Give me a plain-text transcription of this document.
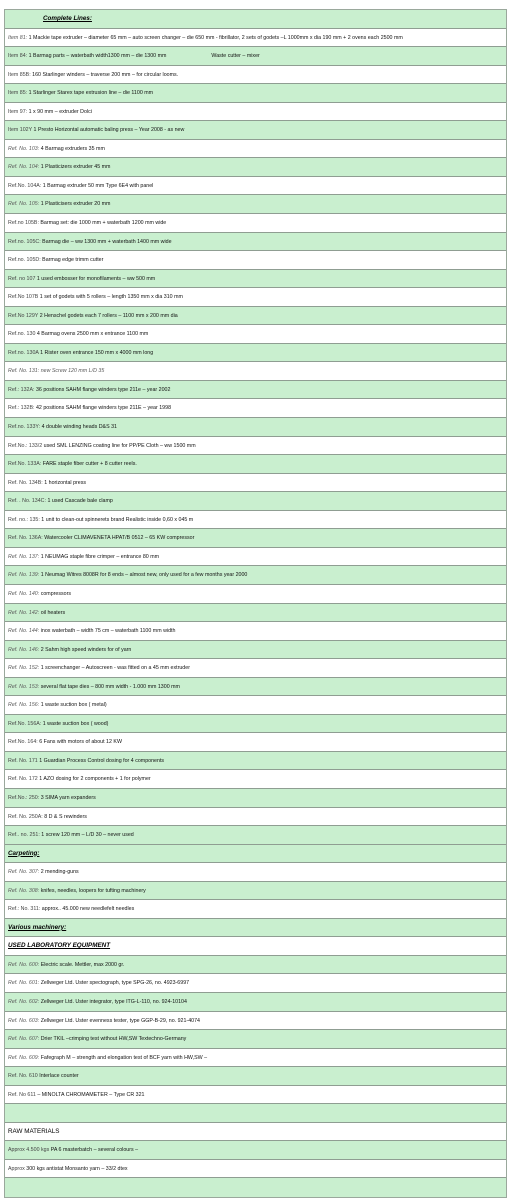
Complete Lines:
Item 81: 1 Mackie tape extruder – diameter 65 mm – auto screen changer – die 650 mm - fibrillator, 2 sets of godets –L 1000mm x dia 190 mm + 2 ovens each 2500 mm
Item 84: 1 Barmag parts – waterbath width1300 mm – die 1300 mm	Waste cutter – mixer
Item 85B: 160 Starlinger winders – traverse 200 mm – for circular looms.
Item 85: 1 Starlinger Starex tape extrusion line – die 1100 mm
Item 97: 1 x 90 mm – extruder Dolci
Item 102Y 1 Presto Horizontal automatic baling press – Year 2008 - as new
Ref. No. 103: 4 Barmag extruders 35 mm
Ref. No. 104: 1 Plasticizers extruder 45 mm
Ref.No. 104A: 1 Barmag extruder 50 mm Type 6E4 with panel
Ref. No. 105: 1 Plasticisers extruder 20 mm
Ref.no 105B: Barmag set: die 1000 mm + waterbath 1200 mm wide
Ref.no. 105C: Barmag die – ww 1300 mm + waterbath 1400 mm wide
Ref.no. 105D: Barmag edge trimm cutter
Ref. no 107 1 used embosser for monofilaments – ww 500 mm
Ref.No 107B 1 set of godets with 5 rollers – length 1350 mm x dia 310 mm
Ref.No 129Y 2 Henschel godets each 7 rollers – 1100 mm x 200 mm dia
Ref.no. 130 4 Barmag ovens 2500 mm x entrance 1100 mm
Ref.no. 130A 1 Rister oven entrance 150 mm x 4000 mm long
Ref. No. 131: new Screw 120 mm L/D 35
Ref.: 132A: 36 positions SAHM flange winders type 211e – year 2002
Ref.: 132B: 42 positions SAHM flange winders type 211E – year 1998
Ref.no. 133Y: 4 double winding heads D&S 31
Ref.No.: 133/2 used SML LENZING coating line for PP/PE Cloth – ww 1500 mm
Ref.No. 133A: FARE staple fiber cutter + 8 cutter reels.
Ref. No. 134B: 1 horizontal press
Ref. . No. 134C: 1 used Cascade bale clamp
Ref. no.: 135: 1 unit to clean-out spinnerets brand Realistic inside 0,60 x 045 m
Ref. No. 136A: Watercooler CLIMAVENETA HPAT/B 0512 – 65 KW compressor
Ref. No. 137: 1 NEUMAG staple fibre crimper – entrance 80 mm
Ref. No. 139: 1 Neumag Witres 8008R for 8 ends – almost new, only used for a few months year 2000
Ref. No. 140: compressors
Ref. No. 142: oil heaters
Ref. No. 144: inox waterbath – width 75 cm – waterbath 1100 mm width
Ref. No. 146: 2 Sahm high speed winders for of yarn
Ref. No. 152: 1 screenchanger – Autoscreen - was fitted on a 45 mm extruder
Ref. No. 153: several flat tape dies – 800 mm width - 1.000 mm 1300 mm
Ref. No. 156: 1 waste suction box ( metal)
Ref.No. 156A: 1 waste suction box ( wood)
Ref.No. 164: 6 Fans with motors of about 12 KW
Ref. No. 171 1 Guardian Process Control dosing for 4 components
Ref. No. 172 1 AZO dosing for 2 components + 1 for polymer
Ref.No.: 250: 3 SIMA yarn expanders
Ref. No. 250A: 8 D & S rewinders
Ref.. no. 251: 1 screw 120 mm – L/D 30 – never used
Carpeting:
Ref. No. 307: 2 mending-guns
Ref. No. 308: knifes, needles, loopers for tufting machinery
Ref.: No. 311: approx.. 45.000 new needlefelt needles
Various machinery:
USED LABORATORY EQUIPMENT
Ref. No. 600: Electric scale. Mettler, max 2000 gr.
Ref. No. 601: Zellweger Ltd. Uster spectograph, type SPG-26, no. 4923-6997
Ref. No. 602: Zellweger Ltd. Uster integrator, type ITG-L-110, no. 924-10104
Ref. No. 603: Zellweger Ltd. Uster evenness tester, type GGP-B-29, no. 921-4074
Ref. No. 607: Drier TKIL –crimping test without HW,SW Textechno-Germany
Ref. No. 609: Fafegraph M – strength and elongation test of BCF yarn with HW,SW –
Ref. No. 610 Interlace counter
Ref. No 611 – MINOLTA CHROMAMETER – Type CR 321
RAW MATERIALS
Approx 4.500 kgs PA 6 masterbatch – several colours –
Approx 300 kgs antistat Monsanto yarn – 33/2 dtex
